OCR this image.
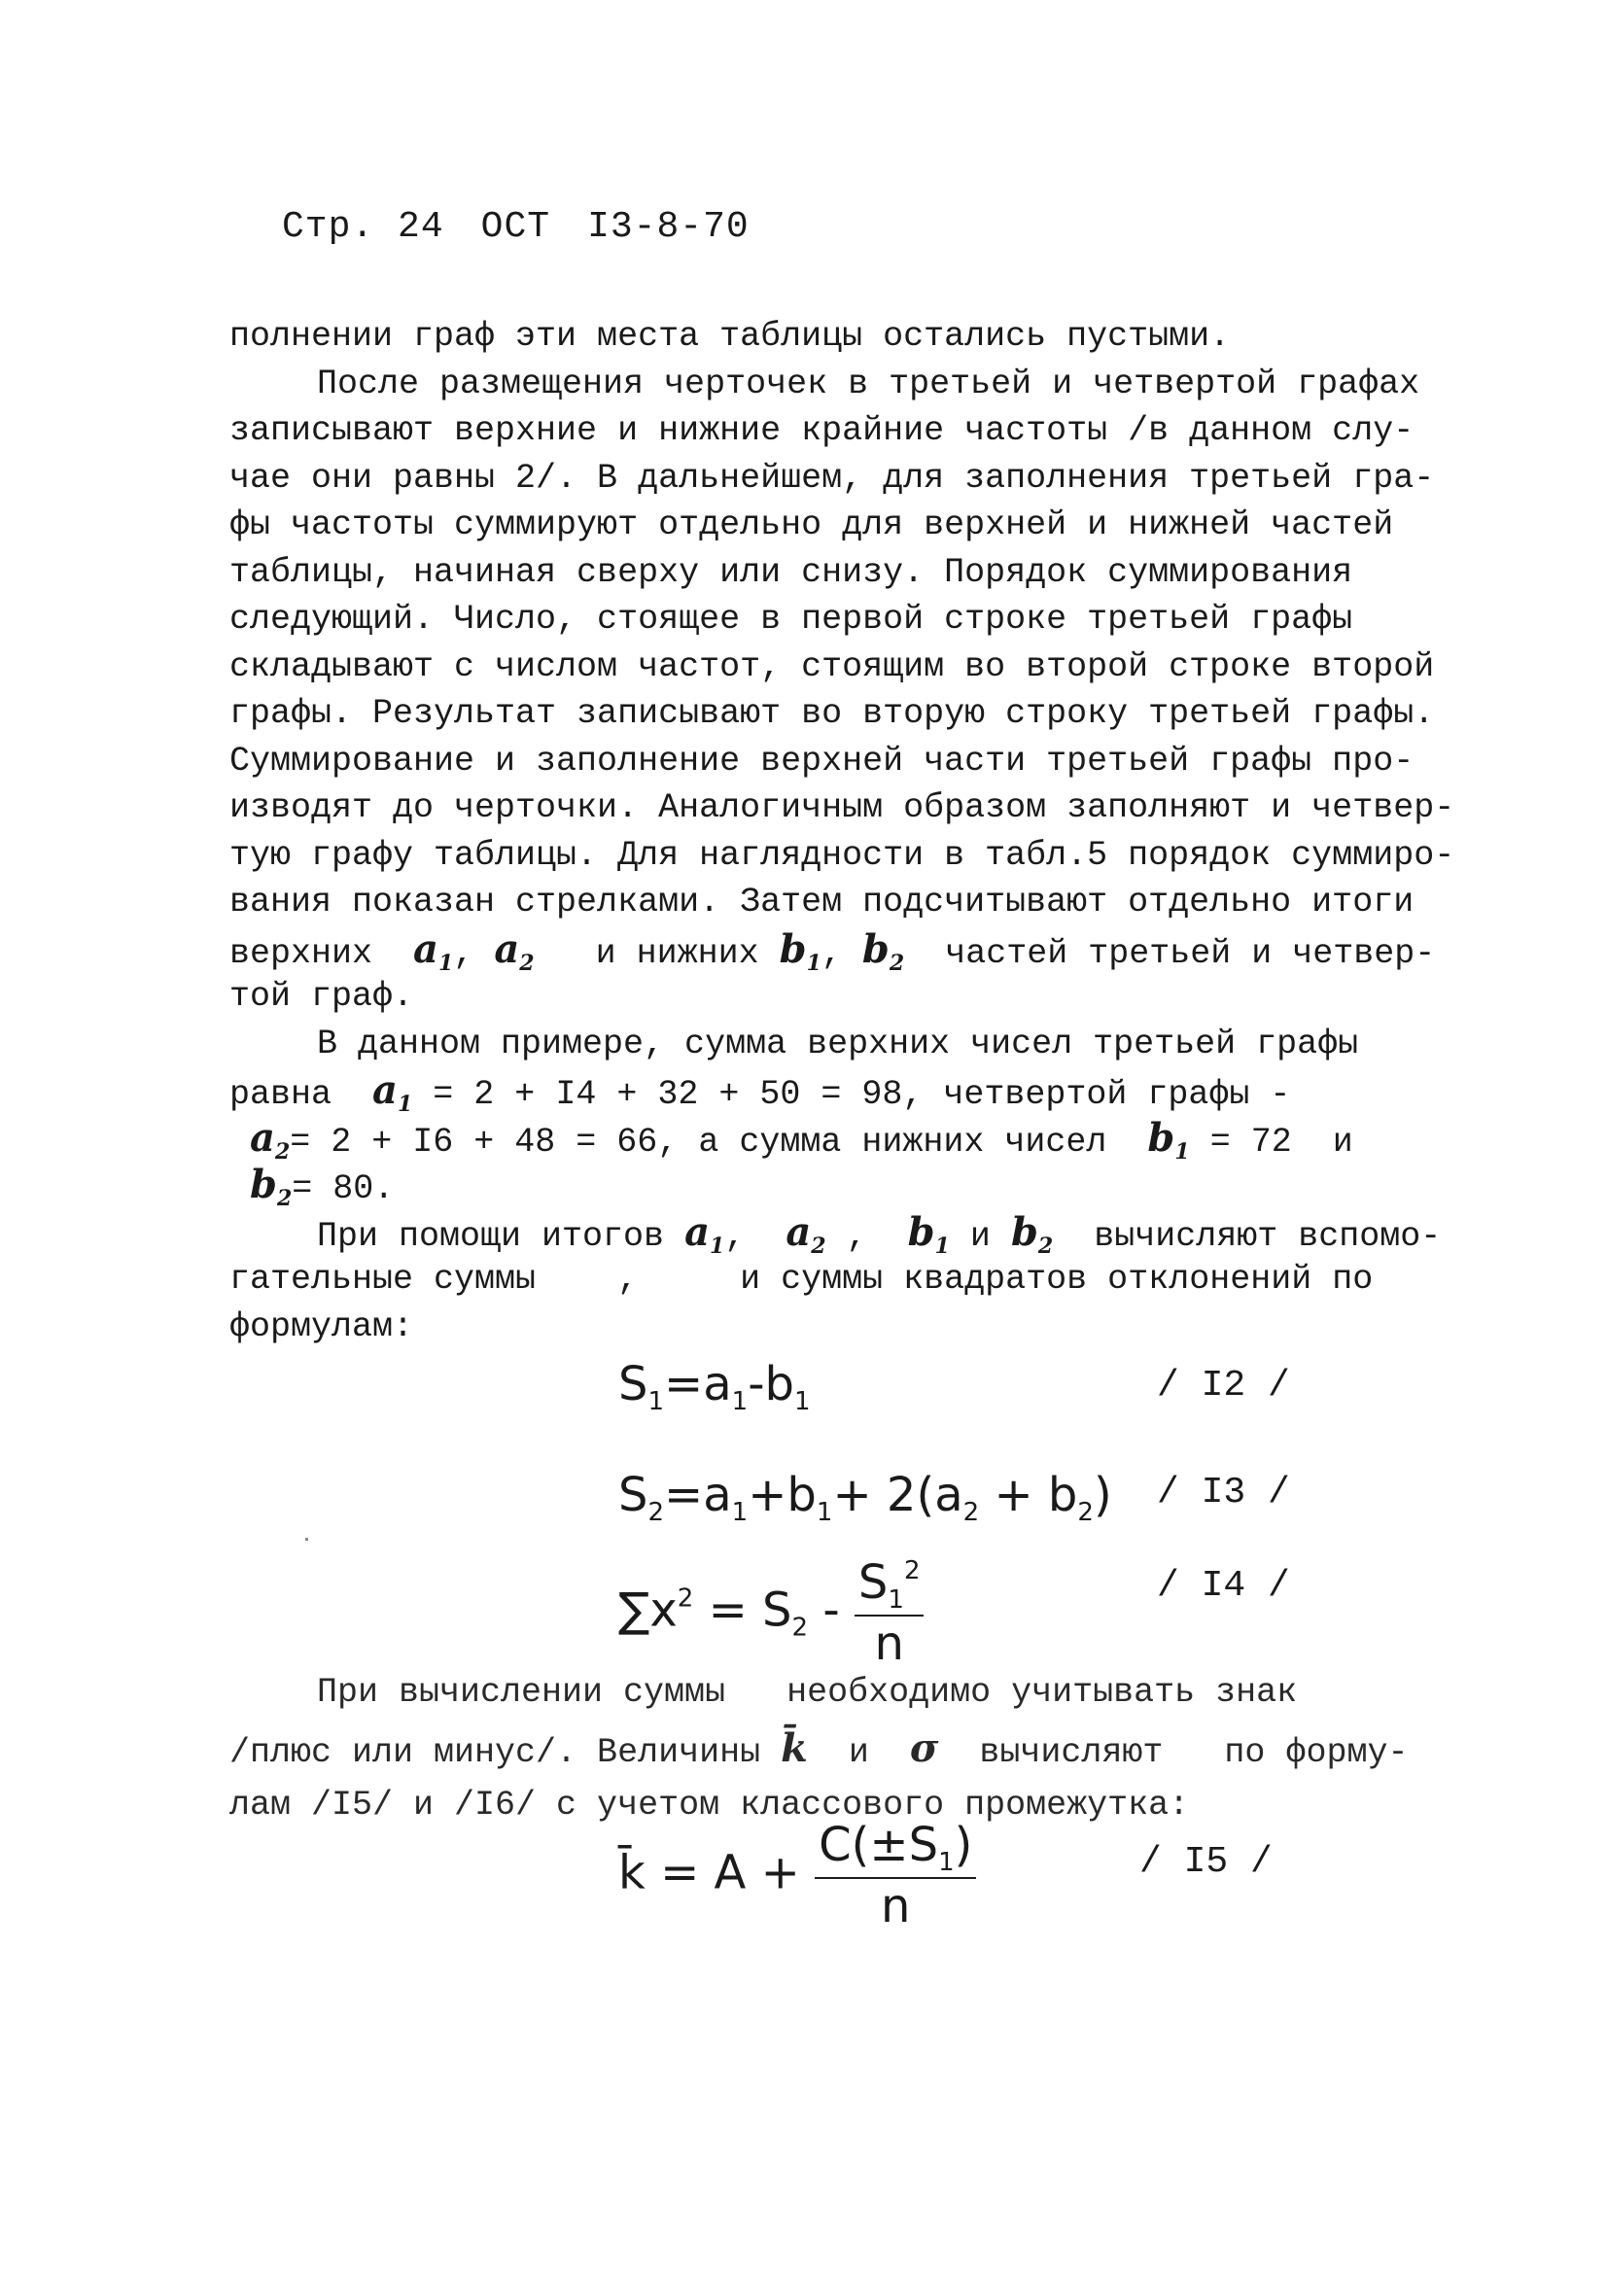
Стр. 24 ОСТ I3-8-70
полнении граф эти места таблицы остались пустыми.
После размещения черточек в третьей и четвертой графах
записывают верхние и нижние крайние частоты /в данном слу-
чае они равны 2/. В дальнейшем, для заполнения третьей гра-
фы частоты суммируют отдельно для верхней и нижней частей
таблицы, начиная сверху или снизу. Порядок суммирования
следующий. Число, стоящее в первой строке третьей графы
складывают с числом частот, стоящим во второй строке второй
графы. Результат записывают во вторую строку третьей графы.
Суммирование и заполнение верхней части третьей графы про-
изводят до черточки. Аналогичным образом заполняют и четвер-
тую графу таблицы. Для наглядности в табл.5 порядок суммиро-
вания показан стрелками. Затем подсчитывают отдельно итоги
верхних $a_1$, $a_2$ и нижних $b_1$, $b_2$ частей третьей и четвер-
той граф.
В данном примере, сумма верхних чисел третьей графы
равна $a_1 = 2 + I4 + 32 + 50 = 98$, четвертой графы -
$a_2= 2 + I6 + 48 = 66$, а сумма нижних чисел $b_1 = 72$ и
$b_2= 80$.
При помощи итогов $a_1$, $a_2$ , $b_1$ и $b_2$ вычисляют вспомо-
гательные суммы ,	и суммы квадратов отклонений по
формулам:
$S_1=a_1-b_1$	/ I2 /
$S_2=a_1+b_1+ 2(a_2 + b_2) / I3$ /
$\sum x^2 = S_2 - \frac{S_1^2}{n}$	/ I4 /
При вычислении суммы   необходимо учитывать знак
/плюс или минус/. Величины k̄ и σ вычисляют   по форму-
лам /I5/ и /I6/ с учетом классового промежутка:
k̄ = $A + \frac{C(\pm S_1)}{n}$	/ I5 /
